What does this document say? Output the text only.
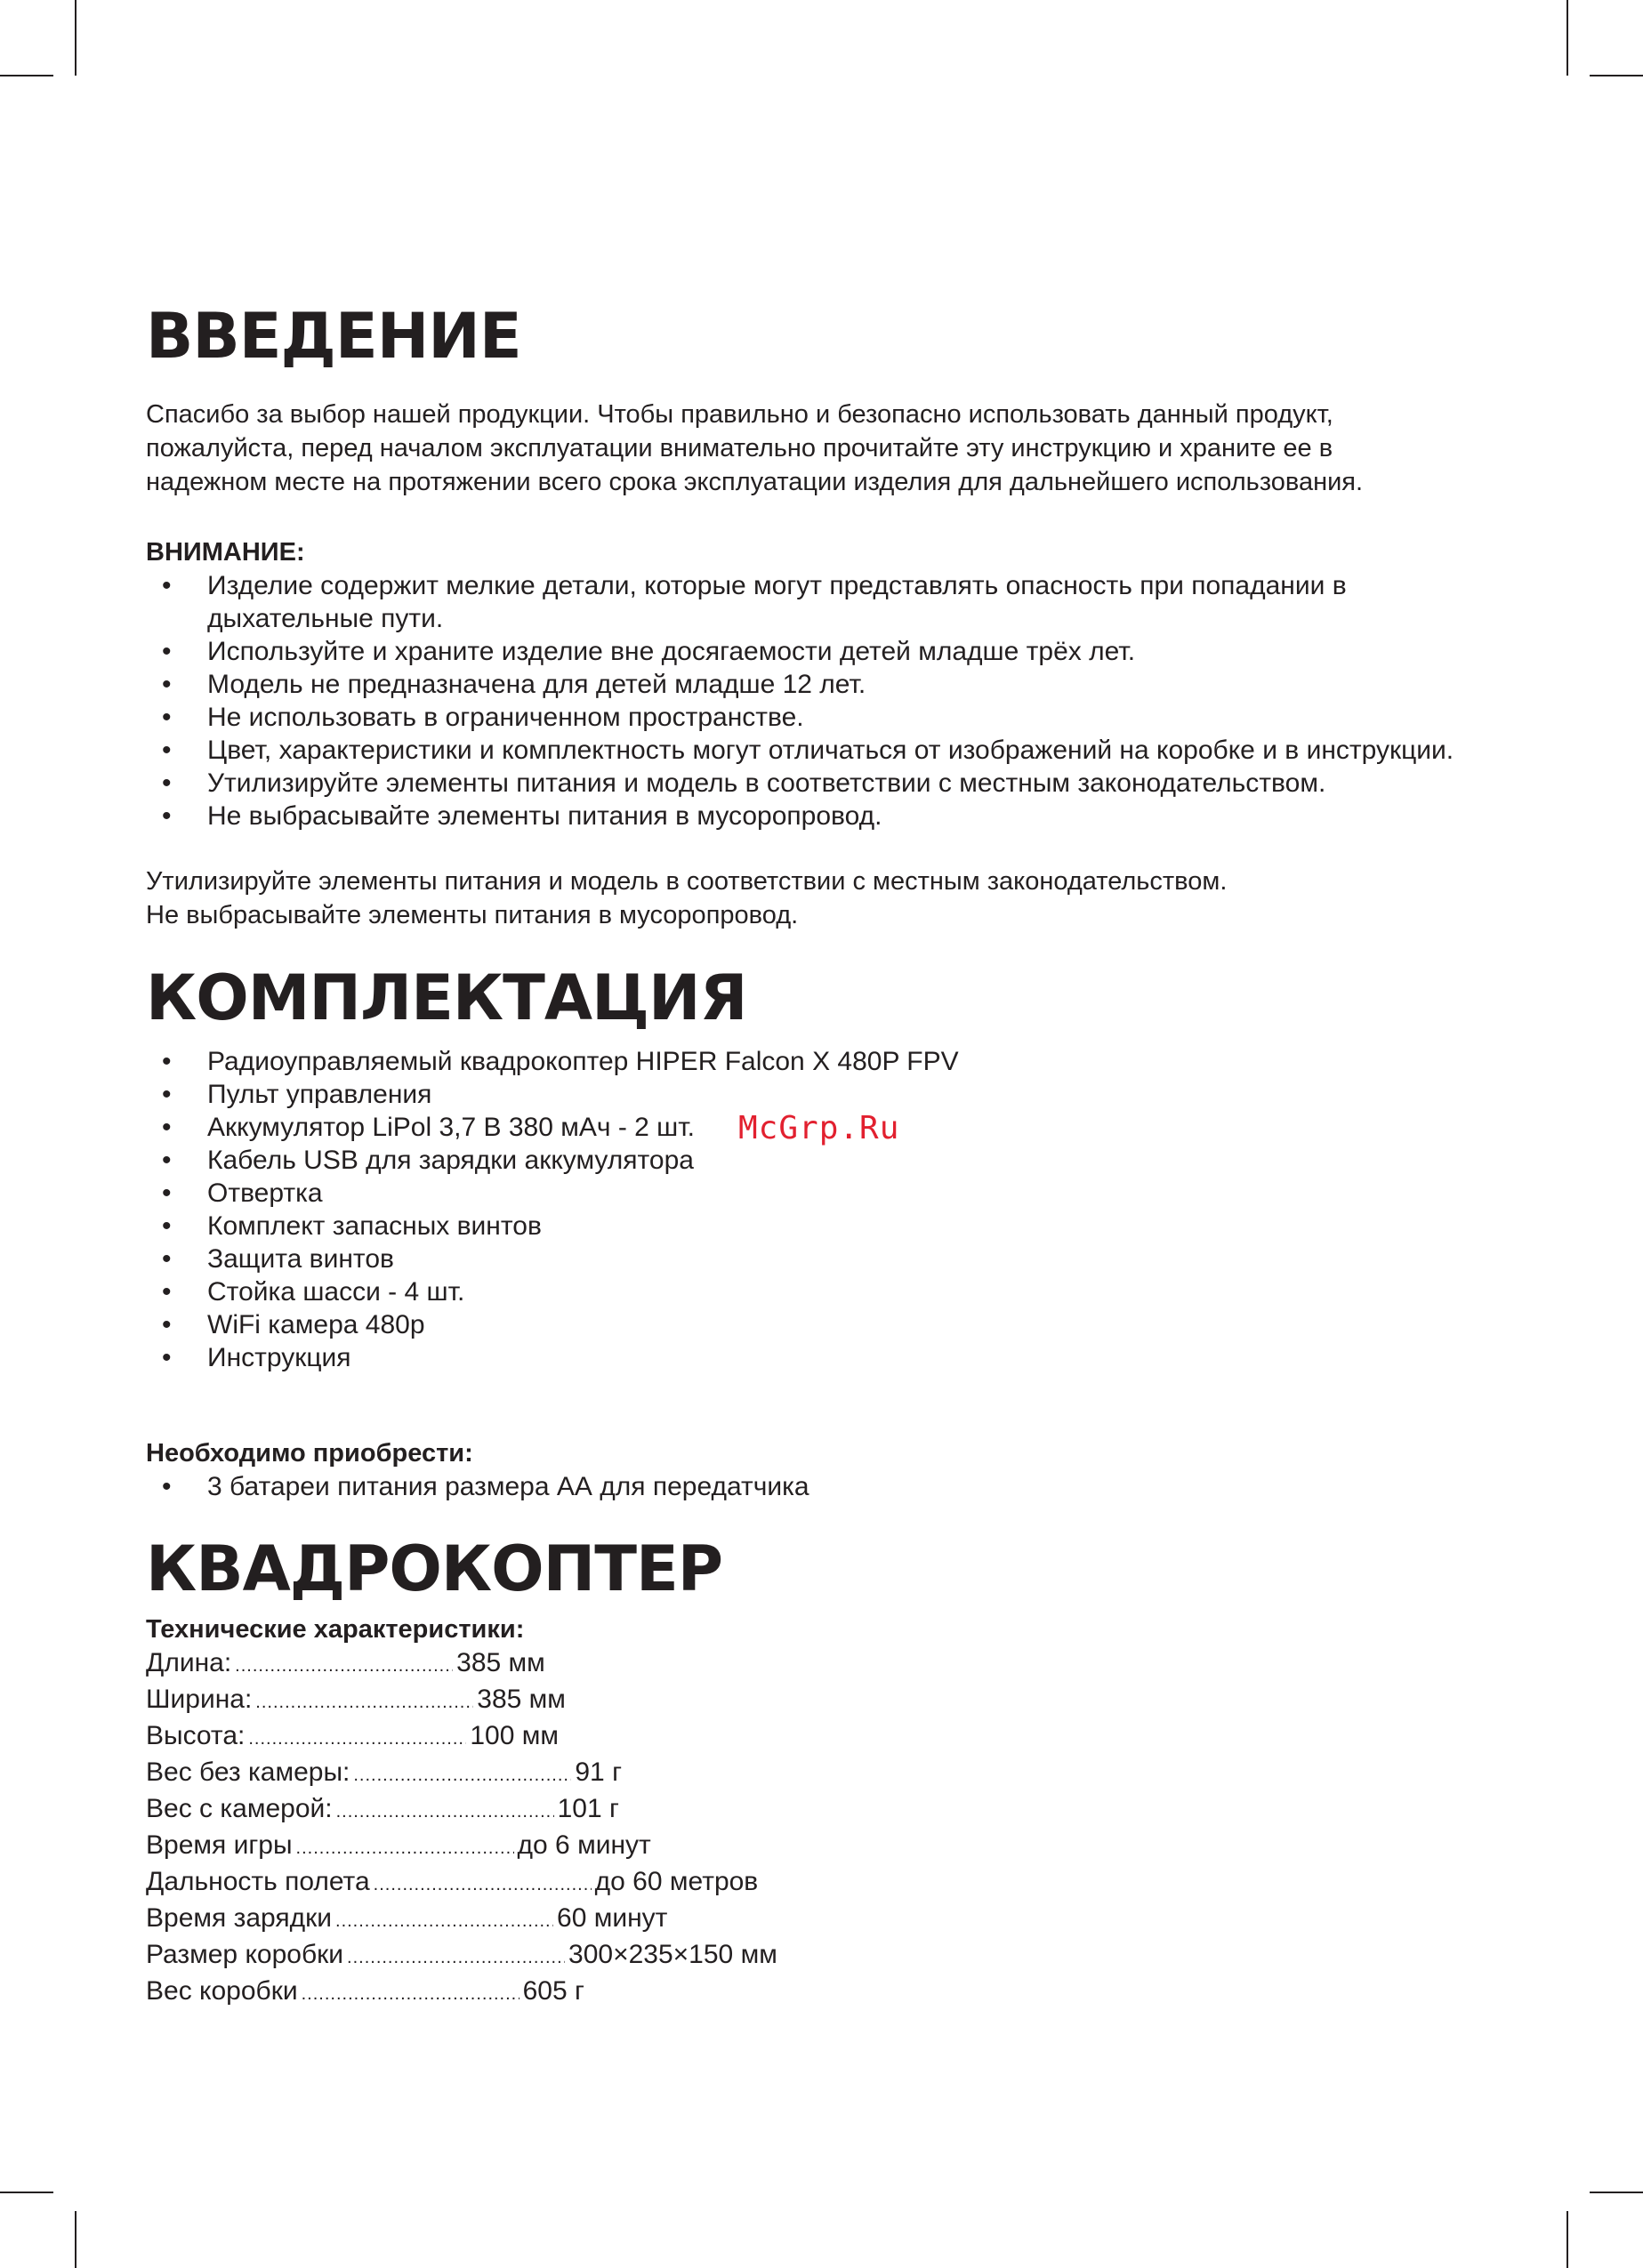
ВВЕДЕНИЕ

Спасибо за выбор нашей продукции. Чтобы правильно и безопасно использовать данный продукт,

пожалуйста, перед началом эксплуатации внимательно прочитайте эту инструкцию и храните ее в

надежном месте на протяжении всего срока эксплуатации изделия для дальнейшего использования.

ВНИМАНИЕ:
• Изделие содержит мелкие детали, которые могут представлять опасность при попадании в дыхательные пути.
• Используйте и храните изделие вне досягаемости детей младше трёх лет.
• Модель не предназначена для детей младше 12 лет.
• Не использовать в ограниченном пространстве.
• Цвет, характеристики и комплектность могут отличаться от изображений на коробке и в инструкции.
• Утилизируйте элементы питания и модель в соответствии с местным законодательством.
• Не выбрасывайте элементы питания в мусоропровод.

Утилизируйте элементы питания и модель в соответствии с местным законодательством.

Не выбрасывайте элементы питания в мусоропровод.

КОМПЛЕКТАЦИЯ
• Радиоуправляемый квадрокоптер HIPER Falcon X 480P FPV
• Пульт управления
• Аккумулятор LiPol 3,7 В 380 мАч - 2 шт.
• Кабель USB для зарядки аккумулятора
• Отвертка
• Комплект запасных винтов
• Защита винтов
• Стойка шасси - 4 шт.
• WiFi камера 480p
• Инструкция
Необходимо приобрести:
• 3 батареи питания размера АА для передатчика
КВАДРОКОПТЕР
Технические характеристики:
Длина: .....	385 мм
Ширина: .....	385 мм
Высота: .....	100 мм
Вес без камеры: .....	91 г
Вес с камерой: .....	101 г
Время игры .....	до 6 минут
Дальность полета .....	до 60 метров
Время зарядки .....	60 минут
Размер коробки .....	300×235×150 мм
Вес коробки .....	605 г
McGrp.Ru
